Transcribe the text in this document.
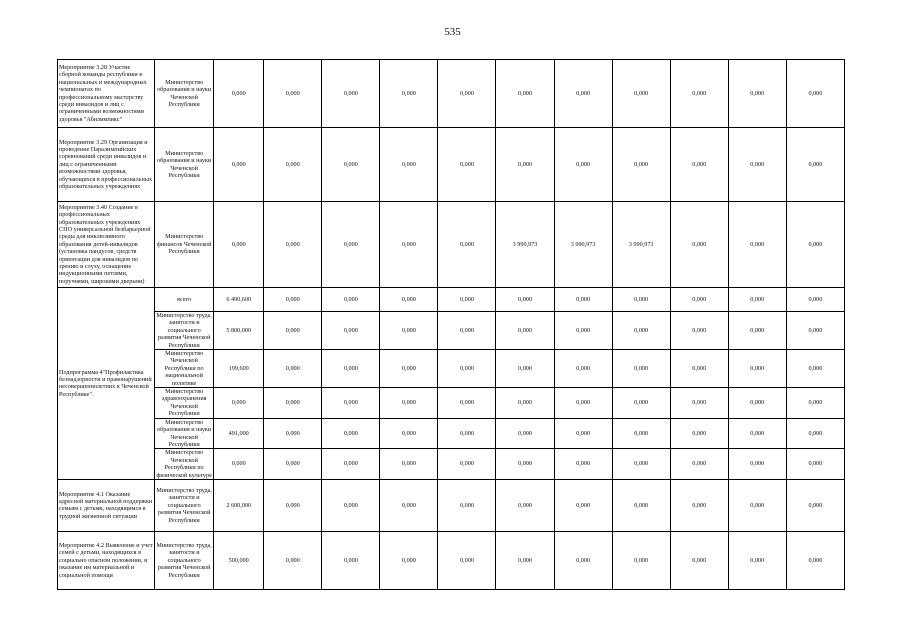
535
Мероприятие 3.28 Участие сборной команды республики в национальных и международных чемпионатах по профессиональному мастерству среди инвалидов и лиц с ограниченными возможностями здоровья "Абилимпикс"	Министерство образования и науки Чеченской Республики	0,000	0,000	0,000	0,000	0,000	0,000	0,000	0,000	0,000	0,000	0,000
Мероприятие 3.29 Организация и проведение Паралимпийских соревнований среди инвалидов и лиц с ограниченными возможностями здоровья, обучающихся в профессиональных образовательных учреждениях	Министерство образования и науки Чеченской Республики	0,000	0,000	0,000	0,000	0,000	0,000	0,000	0,000	0,000	0,000	0,000
Мероприятие 3.40 Создание в профессиональных образовательных учреждениях СПО универсальной безбарьерной среды для инклюзивного образования детей-инвалидов (установка пандусов, средств ориентации для инвалидов по зрению и слуху, оснащение индукционными петлями, поручнями, широкими дверьми)	Министерство финансов Чеченской Республики	0,000	0,000	0,000	0,000	0,000	3 990,973	3 990,973	3 990,973	0,000	0,000	0,000
Подпрограмма 4"Профилактика безнадзорности и правонарушений несовершеннолетних в Чеченской Республике".	всего	6 490,600	0,000	0,000	0,000	0,000	0,000	0,000	0,000	0,000	0,000	0,000
	Министерство труда, занятости и социального развития Чеченской Республики	5 800,000	0,000	0,000	0,000	0,000	0,000	0,000	0,000	0,000	0,000	0,000
	Министерство Чеченской Республики по национальной политике	199,600	0,000	0,000	0,000	0,000	0,000	0,000	0,000	0,000	0,000	0,000
	Министерство здравоохранения Чеченской Республики	0,000	0,000	0,000	0,000	0,000	0,000	0,000	0,000	0,000	0,000	0,000
	Министерство образования и науки Чеченской Республики	491,000	0,000	0,000	0,000	0,000	0,000	0,000	0,000	0,000	0,000	0,000
	Министерство Чеченской Республики по физической культуре	0,000	0,000	0,000	0,000	0,000	0,000	0,000	0,000	0,000	0,000	0,000
Мероприятие 4.1 Оказание адресной материальной поддержки семьям с детьми, находящимся в трудной жизненной ситуации	Министерство труда, занятости и социального развития Чеченской Республики	2 600,000	0,000	0,000	0,000	0,000	0,000	0,000	0,000	0,000	0,000	0,000
Мероприятие 4.2 Выявление и учет семей с детьми, находящихся в социально опасном положении, и оказание им материальной и социальной помощи	Министерство труда, занятости и социального развития Чеченской Республики	500,000	0,000	0,000	0,000	0,000	0,000	0,000	0,000	0,000	0,000	0,000
